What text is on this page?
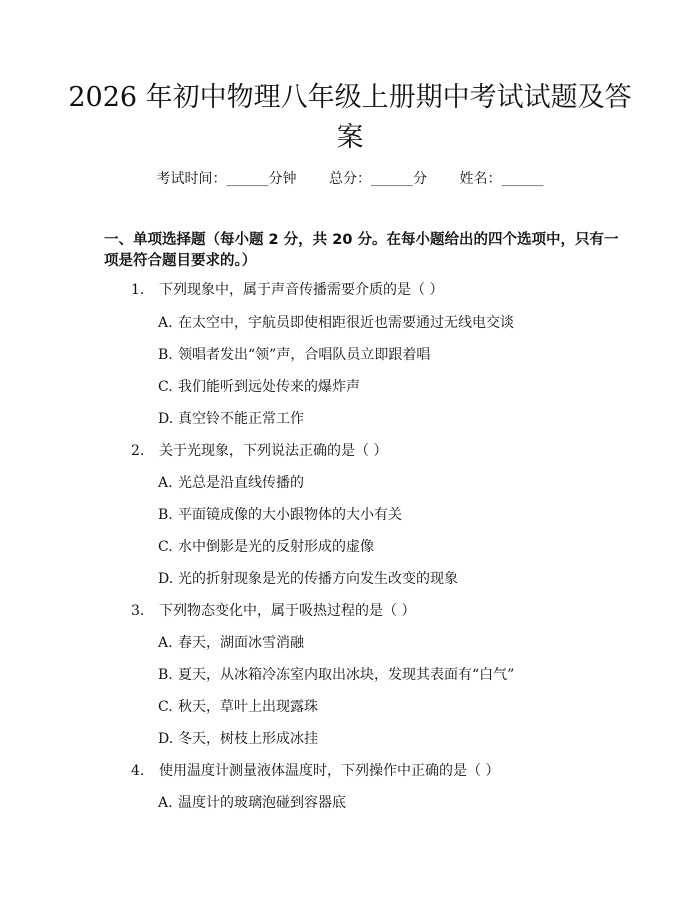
2026 年初中物理八年级上册期中考试试题及答案
考试时间：______分钟 总分：______分 姓名：______
一、单项选择题（每小题 2 分，共 20 分。在每小题给出的四个选项中，只有一项是符合题目要求的。）
1. 下列现象中，属于声音传播需要介质的是（ ）
A. 在太空中，宇航员即使相距很近也需要通过无线电交谈
B. 领唱者发出“领”声，合唱队员立即跟着唱
C. 我们能听到远处传来的爆炸声
D. 真空铃不能正常工作
2. 关于光现象，下列说法正确的是（ ）
A. 光总是沿直线传播的
B. 平面镜成像的大小跟物体的大小有关
C. 水中倒影是光的反射形成的虚像
D. 光的折射现象是光的传播方向发生改变的现象
3. 下列物态变化中，属于吸热过程的是（ ）
A. 春天，湖面冰雪消融
B. 夏天，从冰箱冷冻室内取出冰块，发现其表面有“白气”
C. 秋天，草叶上出现露珠
D. 冬天，树枝上形成冰挂
4. 使用温度计测量液体温度时，下列操作中正确的是（ ）
A. 温度计的玻璃泡碰到容器底
